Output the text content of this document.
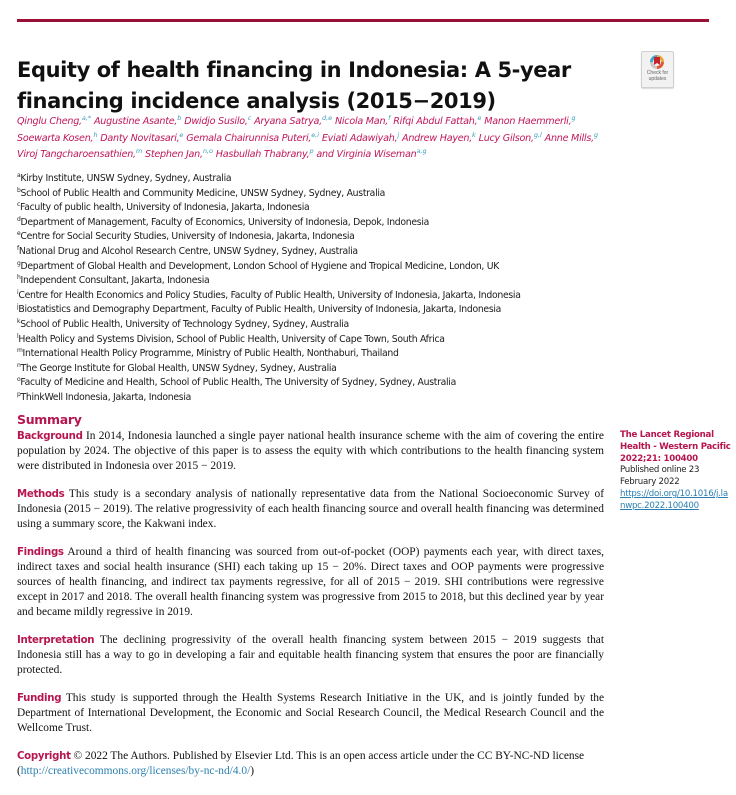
Equity of health financing in Indonesia: A 5-year financing incidence analysis (2015−2019)
Check for
updates
Qinglu Cheng,$^{a,*}$ Augustine Asante,$^b$ Dwidjo Susilo,$^c$ Aryana Satrya,$^{d,e}$ Nicola Man,$^f$ Rifqi Abdul Fattah,$^e$ Manon Haemmerli,$^g$
Soewarta Kosen,$^h$ Danty Novitasari,$^e$ Gemala Chairunnisa Puteri,$^{e,i}$ Eviati Adawiyah,$^j$ Andrew Hayen,$^k$ Lucy Gilson,$^{g,l}$ Anne Mills,$^g$
Viroj Tangcharoensathien,$^m$ Stephen Jan,$^{n,o}$ Hasbullah Thabrany,$^p$ and Virginia Wiseman$^{a,g}$
$^a$Kirby Institute, UNSW Sydney, Sydney, Australia
$^b$School of Public Health and Community Medicine, UNSW Sydney, Sydney, Australia
$^c$Faculty of public health, University of Indonesia, Jakarta, Indonesia
$^d$Department of Management, Faculty of Economics, University of Indonesia, Depok, Indonesia
$^e$Centre for Social Security Studies, University of Indonesia, Jakarta, Indonesia
$^f$National Drug and Alcohol Research Centre, UNSW Sydney, Sydney, Australia
$^g$Department of Global Health and Development, London School of Hygiene and Tropical Medicine, London, UK
$^h$Independent Consultant, Jakarta, Indonesia
$^i$Centre for Health Economics and Policy Studies, Faculty of Public Health, University of Indonesia, Jakarta, Indonesia
$^j$Biostatistics and Demography Department, Faculty of Public Health, University of Indonesia, Jakarta, Indonesia
$^k$School of Public Health, University of Technology Sydney, Sydney, Australia
$^l$Health Policy and Systems Division, School of Public Health, University of Cape Town, South Africa
$^m$International Health Policy Programme, Ministry of Public Health, Nonthaburi, Thailand
$^n$The George Institute for Global Health, UNSW Sydney, Sydney, Australia
$^o$Faculty of Medicine and Health, School of Public Health, The University of Sydney, Sydney, Australia
$^p$ThinkWell Indonesia, Jakarta, Indonesia
Summary

Background In 2014, Indonesia launched a single payer national health insurance scheme with the aim of covering the entire population by 2024. The objective of this paper is to assess the equity with which contributions to the health financing system were distributed in Indonesia over 2015 − 2019.

Methods This study is a secondary analysis of nationally representative data from the National Socioeconomic Survey of Indonesia (2015 − 2019). The relative progressivity of each health financing source and overall health financing was determined using a summary score, the Kakwani index.

Findings Around a third of health financing was sourced from out-of-pocket (OOP) payments each year, with direct taxes, indirect taxes and social health insurance (SHI) each taking up 15 − 20%. Direct taxes and OOP payments were progressive sources of health financing, and indirect tax payments regressive, for all of 2015 − 2019. SHI contributions were regressive except in 2017 and 2018. The overall health financing system was progressive from 2015 to 2018, but this declined year by year and became mildly regressive in 2019.

Interpretation The declining progressivity of the overall health financing system between 2015 − 2019 suggests that Indonesia still has a way to go in developing a fair and equitable health financing system that ensures the poor are financially protected.

Funding This study is supported through the Health Systems Research Initiative in the UK, and is jointly funded by the Department of International Development, the Economic and Social Research Council, the Medical Research Council and the Wellcome Trust.

Copyright © 2022 The Authors. Published by Elsevier Ltd. This is an open access article under the CC BY-NC-ND license (http://creativecommons.org/licenses/by-nc-nd/4.0/)

The Lancet Regional Health - Western Pacific 2022;21: 100400
Published online 23 February 2022
https://doi.org/10.1016/j.lanwpc.2022.100400
